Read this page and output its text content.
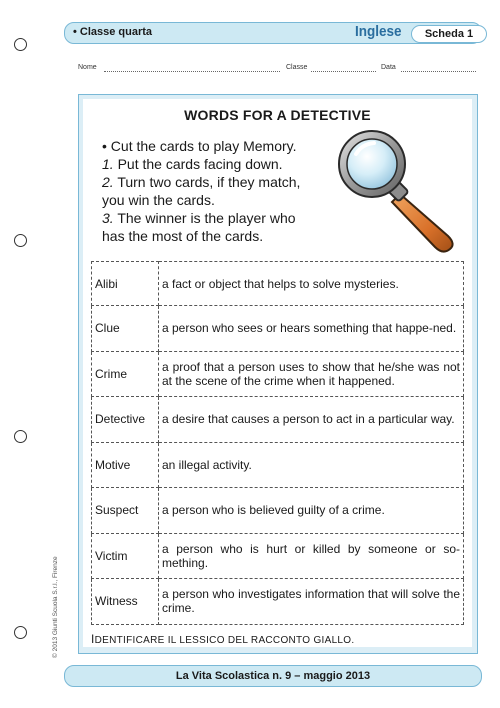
• Classe quarta	Inglese	Scheda 1
Nome	Classe	Data
© 2013 Giunti Scuola S.r.l., Firenze
WORDS FOR A DETECTIVE
• Cut the cards to play Memory.
1. Put the cards facing down.
2. Turn two cards, if they match,
you win the cards.
3. The winner is the player who
has the most of the cards.
Alibi	a fact or object that helps to solve mysteries.
Clue	a person who sees or hears something that happe-ned.
Crime	a proof that a person uses to show that he/she was not at the scene of the crime when it happened.
Detective	a desire that causes a person to act in a particular way.
Motive	an illegal activity.
Suspect	a person who is believed guilty of a crime.
Victim	a person who is hurt or killed by someone or so-mething.
Witness	a person who investigates information that will solve the crime.
IDENTIFICARE IL LESSICO DEL RACCONTO GIALLO.
La Vita Scolastica n. 9 – maggio 2013
